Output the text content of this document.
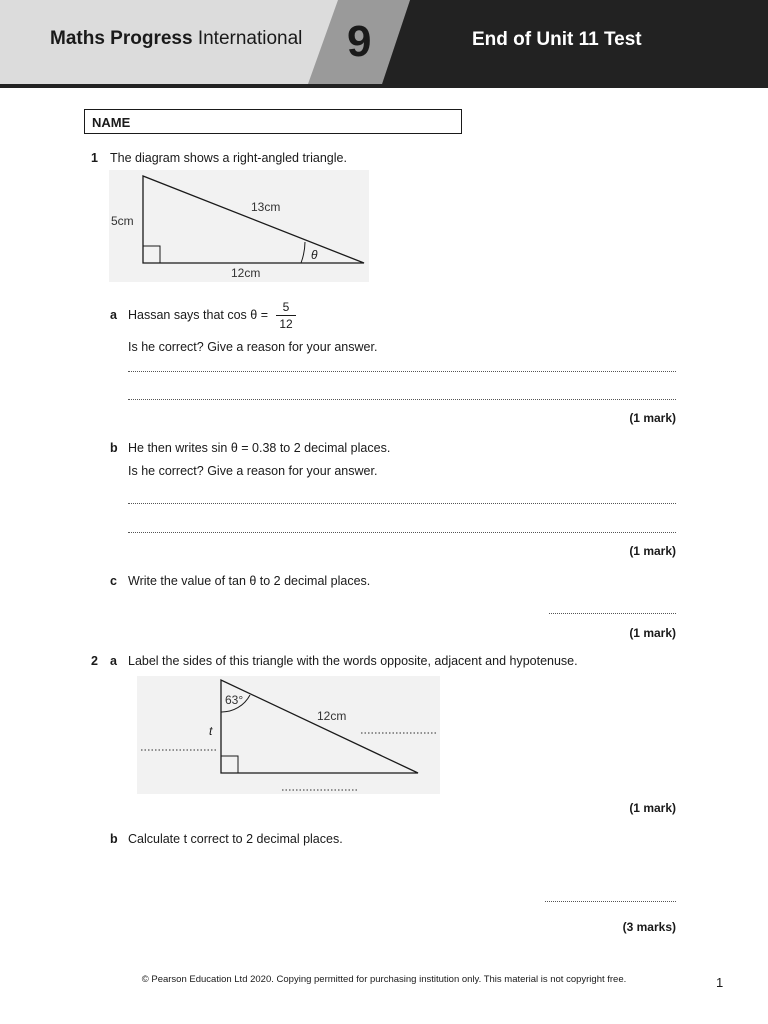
Maths Progress International 9	End of Unit 11 Test
NAME
1 The diagram shows a right-angled triangle.
5cm
13cm
12cm
θ
a Hassan says that cos θ =
5
12
Is he correct? Give a reason for your answer.
(1 mark)
b He then writes sin θ = 0.38 to 2 decimal places.
Is he correct? Give a reason for your answer.
(1 mark)
c Write the value of tan θ to 2 decimal places.
(1 mark)
2 a Label the sides of this triangle with the words opposite, adjacent and hypotenuse.
63°
12cm
t
(1 mark)
b Calculate t correct to 2 decimal places.
(3 marks)
© Pearson Education Ltd 2020. Copying permitted for purchasing institution only. This material is not copyright free.	1
